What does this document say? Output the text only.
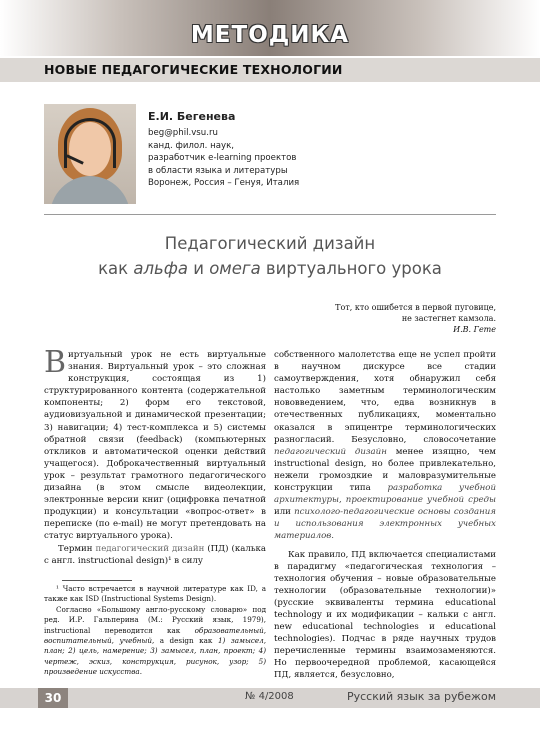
МЕТОДИКА
НОВЫЕ ПЕДАГОГИЧЕСКИЕ ТЕХНОЛОГИИ
Е.И. Бегенева
beg@phil.vsu.ru
канд. филол. наук,
разработчик e-learning проектов
в области языка и литературы
Воронеж, Россия – Генуя, Италия
Педагогический дизайн
как альфа и омега виртуального урока
Тот, кто ошибется в первой пуговице,
не застегнет камзола.
И.В. Гете

Виртуальный урок не есть виртуальные знания. Виртуальный урок – это сложная конструкция, состоящая из 1) структурированного контента (содержательной компоненты; 2) форм его текстовой, аудиовизуальной и динамической презентации; 3) навигации; 4) тест-комплекса и 5) системы обратной связи (feedback) (компьютерных откликов и автоматической оценки действий учащегося). Доброкачественный виртуальный урок – результат грамотного педагогического дизайна (в этом смысле видеолекции, электронные версии книг (оцифровка печатной продукции) и консультации «вопрос-ответ» в переписке (по e-mail) не могут претендовать на статус виртуального урока).

Термин педагогический дизайн (ПД) (калька с англ. instructional design)¹ в силу

собственного малолетства еще не успел пройти в научном дискурсе все стадии самоутверждения, хотя обнаружил себя настолько заметным терминологическим нововведением, что, едва возникнув в отечественных публикациях, моментально оказался в эпицентре терминологических разногласий. Безусловно, словосочетание педагогический дизайн менее изящно, чем instructional design, но более привлекательно, нежели громоздкие и маловразумительные конструкции типа разработка учебной архитектуры, проектирование учебной среды или психолого-педагогические основы создания и использования электронных учебных материалов.

Как правило, ПД включается специалистами в парадигму «педагогическая технология – технология обучения – новые образовательные технологии (образовательные технологии)» (русские эквиваленты термина educational technology и их модификации – кальки с англ. new educational technologies и educational technologies). Подчас в ряде научных трудов перечисленные термины взаимозаменяются. Но первоочередной проблемой, касающейся ПД, является, безусловно,

¹ Часто встречается в научной литературе как ID, а также как ISD (Instructional Systems Design).

Согласно «Большому англо-русскому словарю» под ред. И.Р. Гальперина (М.: Русский язык, 1979), instructional переводится как образовательный, воспитательный, учебный, а design как 1) замысел, план; 2) цель, намерение; 3) замысел, план, проект; 4) чертеж, эскиз, конструкция, рисунок, узор; 5) произведение искусства.

30	№ 4/2008	Русский язык за рубежом
